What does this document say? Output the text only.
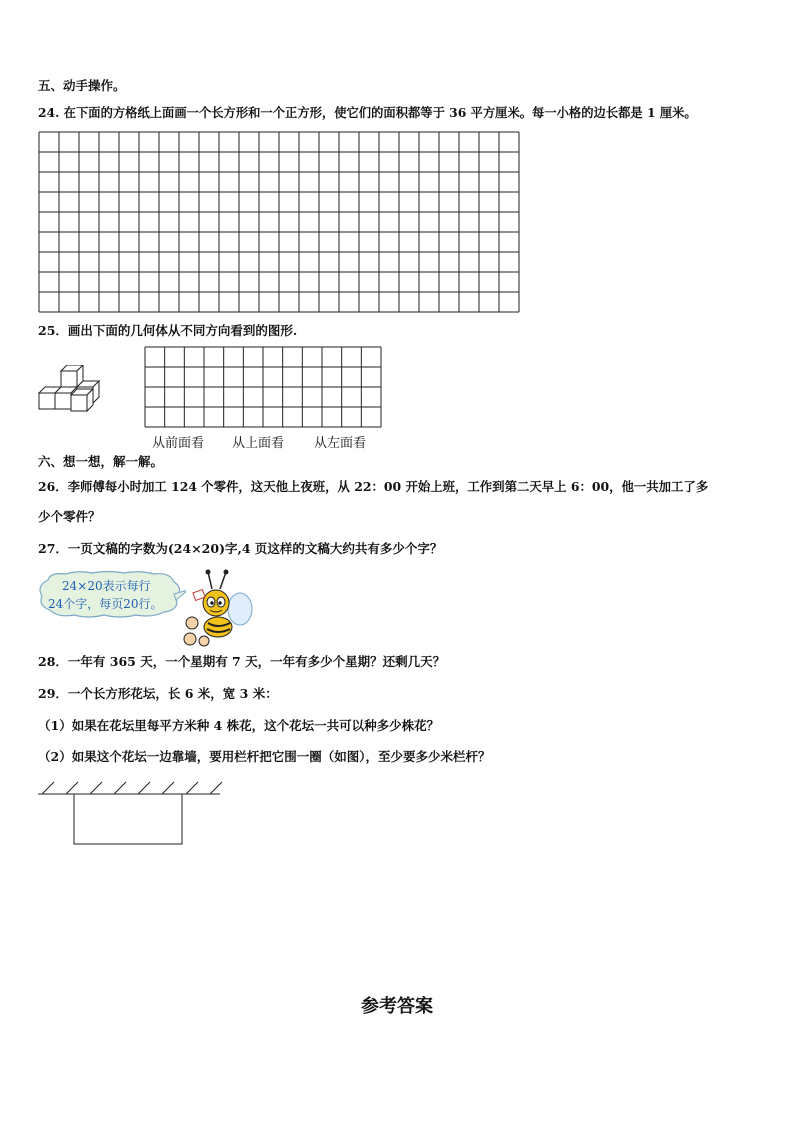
五、动手操作。
24. 在下面的方格纸上面画一个长方形和一个正方形，使它们的面积都等于 36 平方厘米。每一小格的边长都是 1 厘米。
25．画出下面的几何体从不同方向看到的图形.
从前面看 从上面看 从左面看
六、想一想，解一解。
26．李师傅每小时加工 124 个零件，这天他上夜班，从 22：00 开始上班，工作到第二天早上 6：00，他一共加工了多
少个零件？
27．一页文稿的字数为(24×20)字,4 页这样的文稿大约共有多少个字？
24×20表示每行
24个字，每页20行。
28．一年有 365 天，一个星期有 7 天，一年有多少个星期？还剩几天？
29．一个长方形花坛，长 6 米，宽 3 米：
（1）如果在花坛里每平方米种 4 株花，这个花坛一共可以种多少株花？
（2）如果这个花坛一边靠墙，要用栏杆把它围一圈（如图），至少要多少米栏杆？
参考答案
